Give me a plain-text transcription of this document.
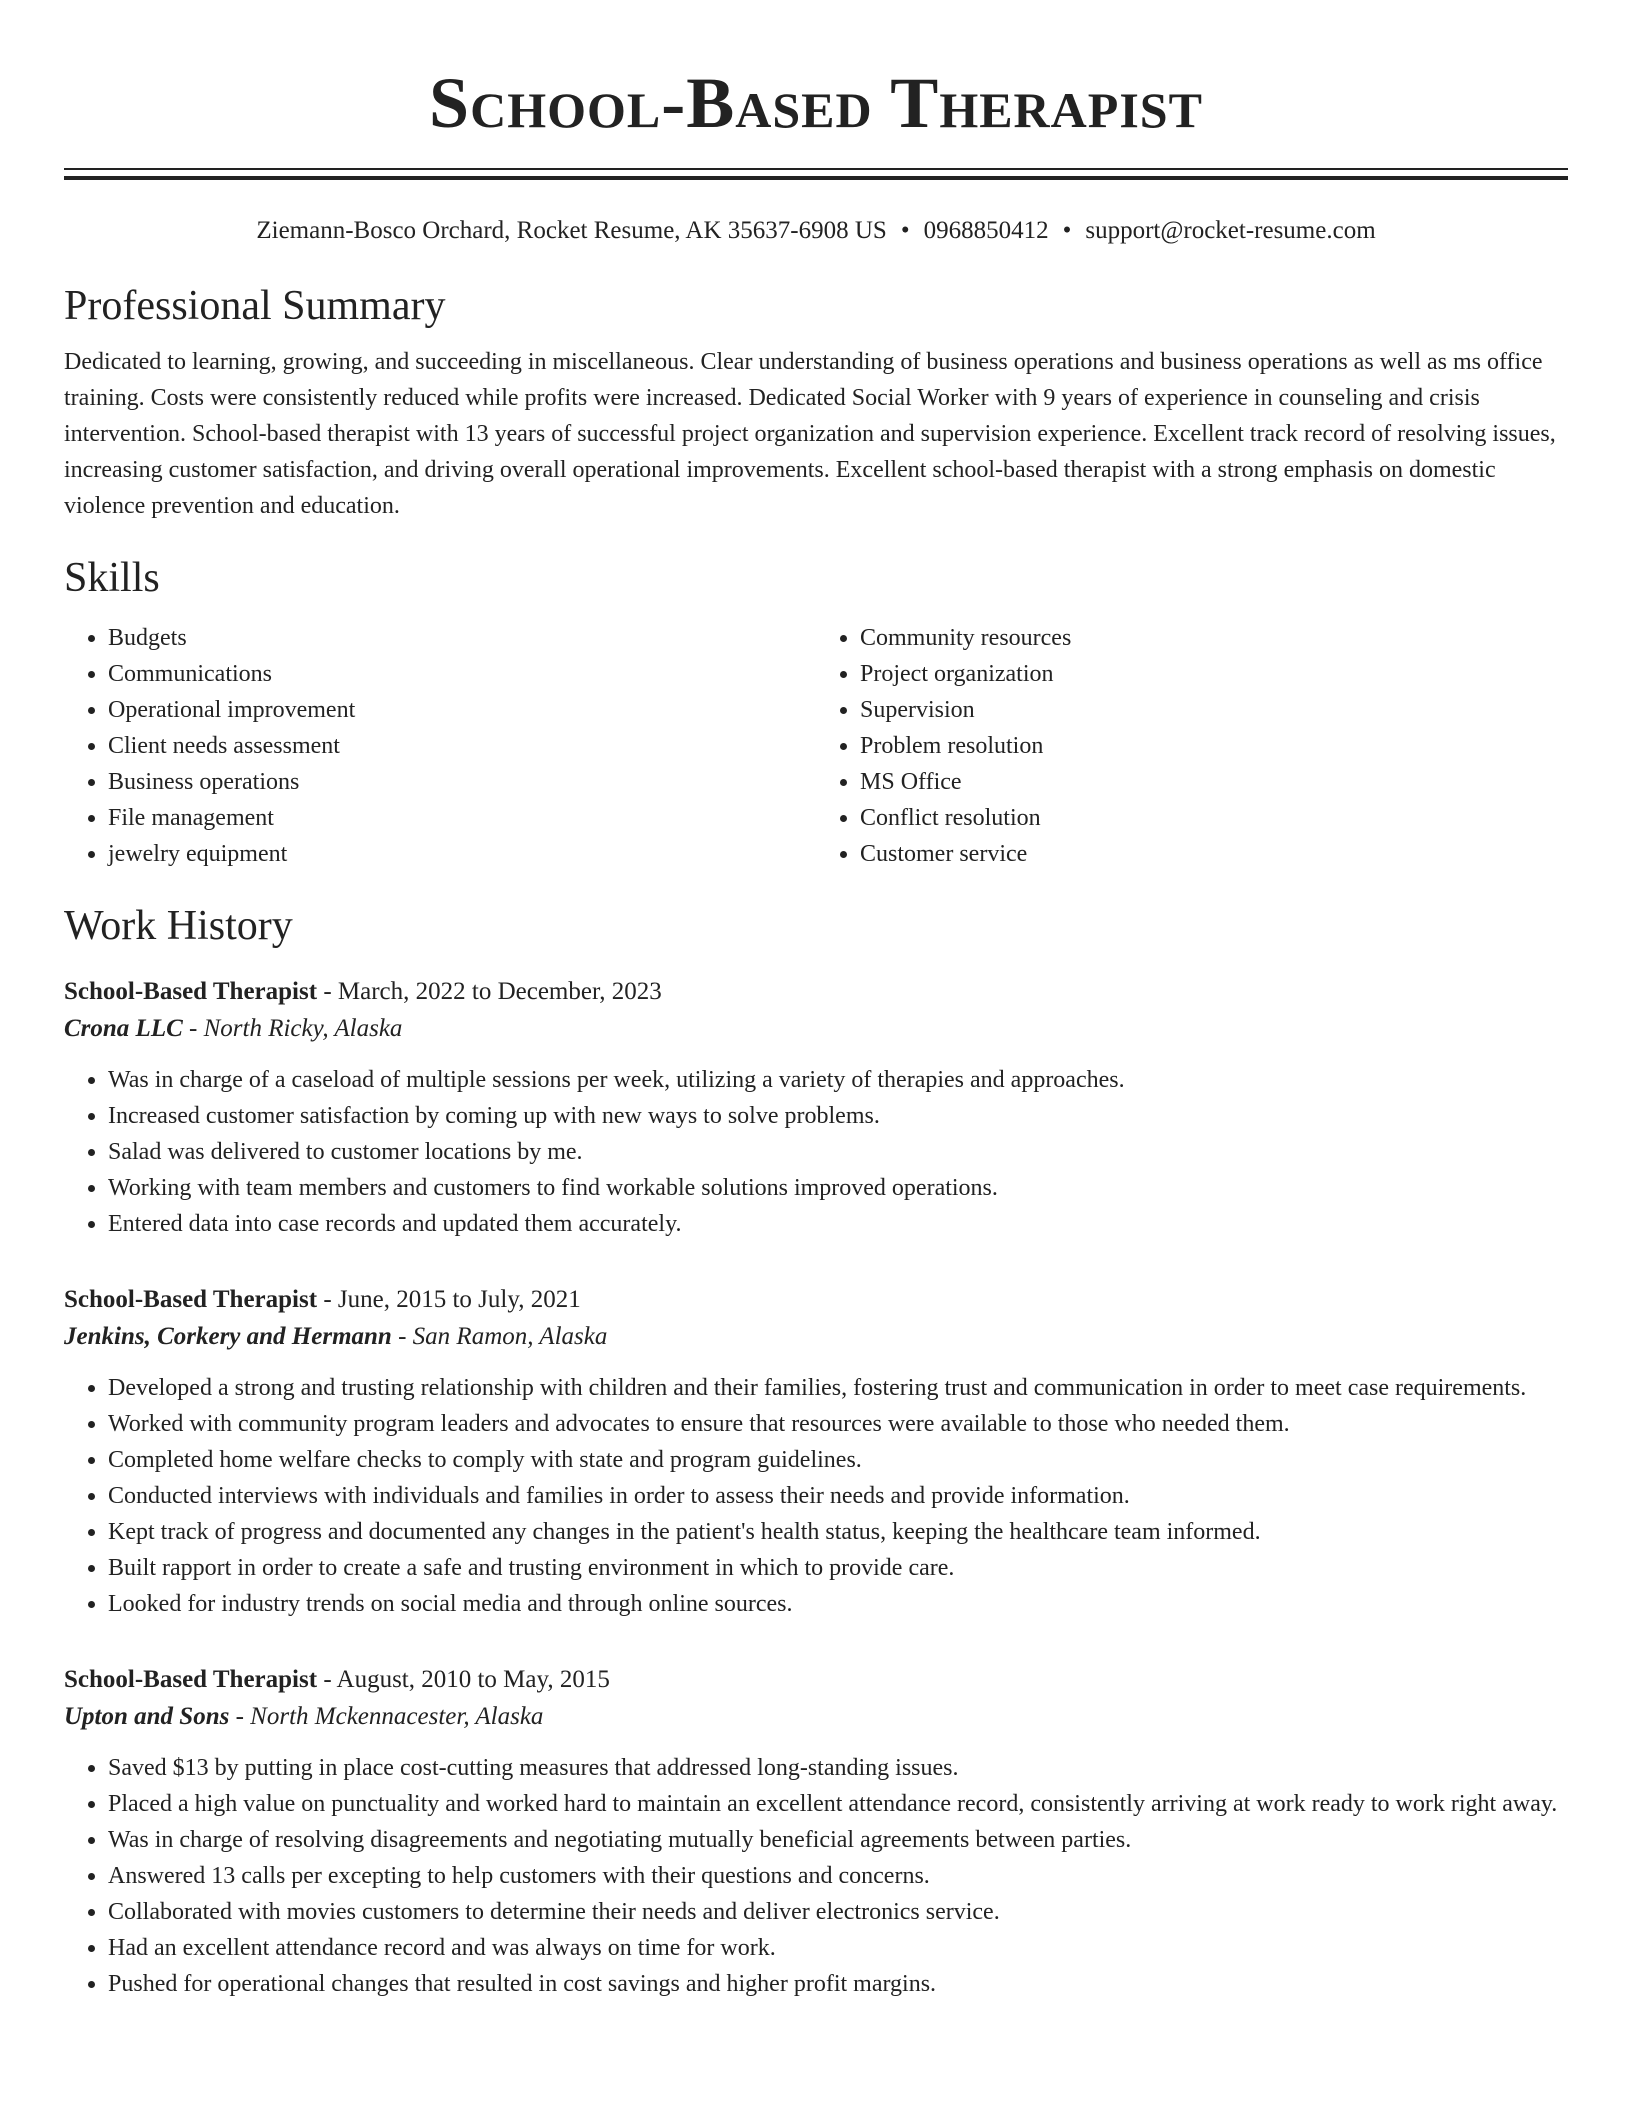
School-Based Therapist
Ziemann-Bosco Orchard, Rocket Resume, AK 35637-6908 US • 0968850412 • support@rocket-resume.com
Professional Summary

Dedicated to learning, growing, and succeeding in miscellaneous. Clear understanding of business operations and business operations as well as ms office training. Costs were consistently reduced while profits were increased. Dedicated Social Worker with 9 years of experience in counseling and crisis intervention. School-based therapist with 13 years of successful project organization and supervision experience. Excellent track record of resolving issues, increasing customer satisfaction, and driving overall operational improvements. Excellent school-based therapist with a strong emphasis on domestic violence prevention and education.

Skills
• Budgets
• Communications
• Operational improvement
• Client needs assessment
• Business operations
• File management
• jewelry equipment
• Community resources
• Project organization
• Supervision
• Problem resolution
• MS Office
• Conflict resolution
• Customer service
Work History
School-Based Therapist - March, 2022 to December, 2023
Crona LLC - North Ricky, Alaska
• Was in charge of a caseload of multiple sessions per week, utilizing a variety of therapies and approaches.
• Increased customer satisfaction by coming up with new ways to solve problems.
• Salad was delivered to customer locations by me.
• Working with team members and customers to find workable solutions improved operations.
• Entered data into case records and updated them accurately.
School-Based Therapist - June, 2015 to July, 2021
Jenkins, Corkery and Hermann - San Ramon, Alaska
• Developed a strong and trusting relationship with children and their families, fostering trust and communication in order to meet case requirements.
• Worked with community program leaders and advocates to ensure that resources were available to those who needed them.
• Completed home welfare checks to comply with state and program guidelines.
• Conducted interviews with individuals and families in order to assess their needs and provide information.
• Kept track of progress and documented any changes in the patient's health status, keeping the healthcare team informed.
• Built rapport in order to create a safe and trusting environment in which to provide care.
• Looked for industry trends on social media and through online sources.
School-Based Therapist - August, 2010 to May, 2015
Upton and Sons - North Mckennacester, Alaska
• Saved $13 by putting in place cost-cutting measures that addressed long-standing issues.
• Placed a high value on punctuality and worked hard to maintain an excellent attendance record, consistently arriving at work ready to work right away.
• Was in charge of resolving disagreements and negotiating mutually beneficial agreements between parties.
• Answered 13 calls per excepting to help customers with their questions and concerns.
• Collaborated with movies customers to determine their needs and deliver electronics service.
• Had an excellent attendance record and was always on time for work.
• Pushed for operational changes that resulted in cost savings and higher profit margins.
